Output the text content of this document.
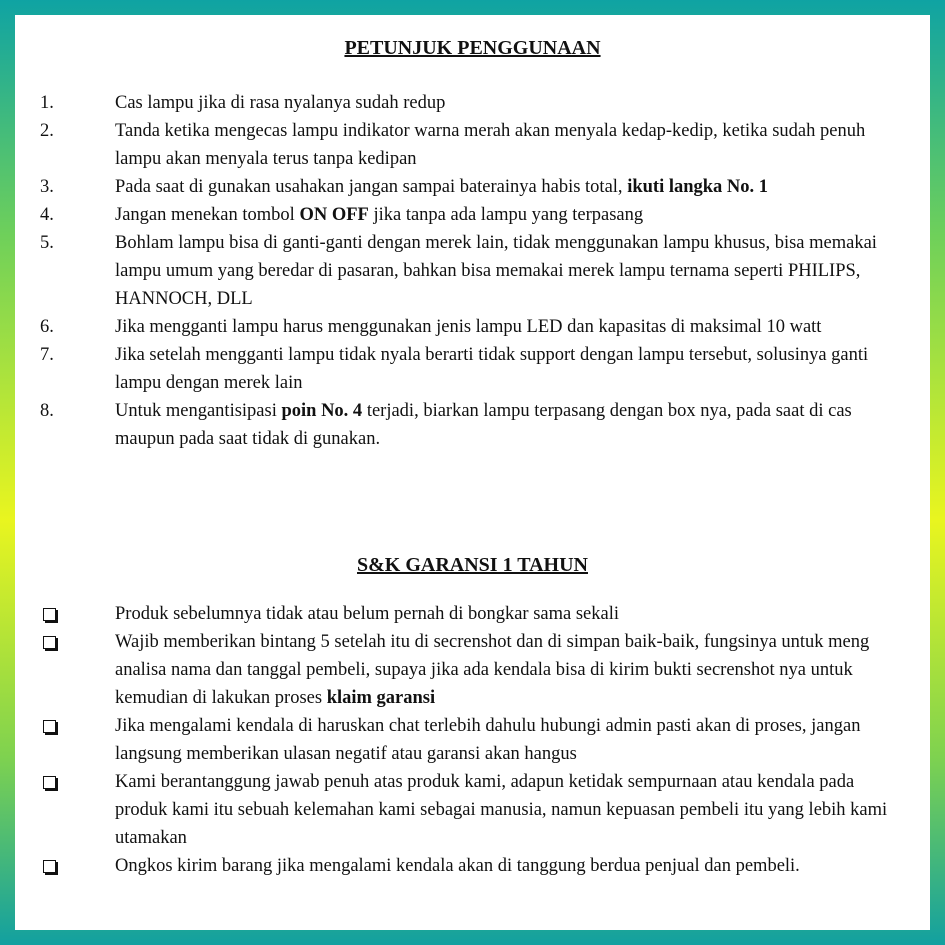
PETUNJUK PENGGUNAAN
1.	Cas lampu jika di rasa nyalanya sudah redup
2.	Tanda ketika mengecas lampu indikator warna merah akan menyala kedap-kedip, ketika sudah penuh lampu akan menyala terus tanpa kedipan
3.	Pada saat di gunakan usahakan jangan sampai baterainya habis total, ikuti langka No. 1
4.	Jangan menekan tombol ON OFF jika tanpa ada lampu yang terpasang
5.	Bohlam lampu bisa di ganti-ganti dengan merek lain, tidak menggunakan lampu khusus, bisa memakai lampu umum yang beredar di pasaran, bahkan bisa memakai merek lampu ternama seperti PHILIPS, HANNOCH, DLL
6.	Jika mengganti lampu harus menggunakan jenis lampu LED dan kapasitas di maksimal 10 watt
7.	Jika setelah mengganti lampu tidak nyala berarti tidak support dengan lampu tersebut, solusinya ganti lampu dengan merek lain
8.	Untuk mengantisipasi poin No. 4 terjadi, biarkan lampu terpasang dengan box nya, pada saat di cas maupun pada saat tidak di gunakan.
S&K GARANSI 1 TAHUN
Produk sebelumnya tidak atau belum pernah di bongkar sama sekali
Wajib memberikan bintang 5 setelah itu di secrenshot dan di simpan baik-baik, fungsinya untuk meng analisa nama dan tanggal pembeli, supaya jika ada kendala bisa di kirim bukti secrenshot nya untuk kemudian di lakukan proses klaim garansi
Jika mengalami kendala di haruskan chat terlebih dahulu hubungi admin pasti akan di proses, jangan langsung memberikan ulasan negatif atau garansi akan hangus
Kami berantanggung jawab penuh atas produk kami, adapun ketidak sempurnaan atau kendala pada produk kami itu sebuah kelemahan kami sebagai manusia, namun kepuasan pembeli itu yang lebih kami utamakan
Ongkos kirim barang jika mengalami kendala akan di tanggung berdua penjual dan pembeli.
